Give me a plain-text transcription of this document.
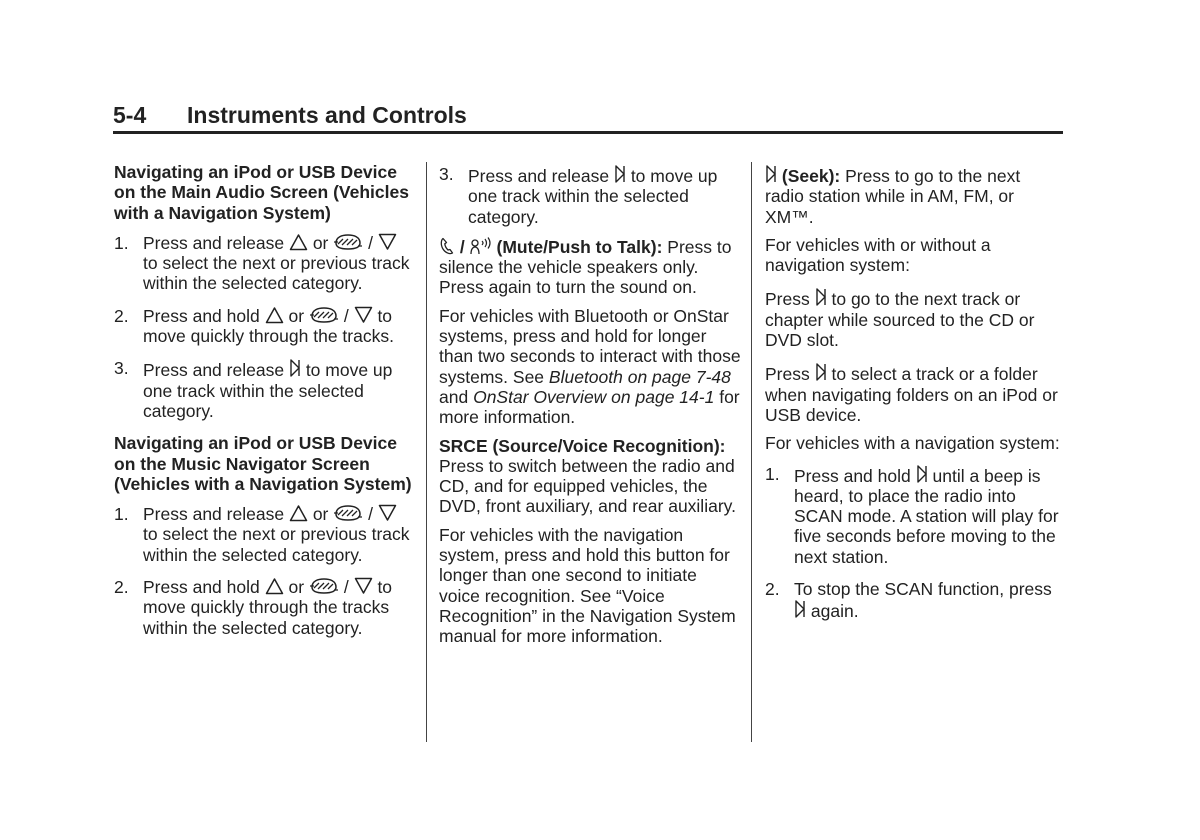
5-4 Instruments and Controls

Navigating an iPod or USB Device on the Main Audio Screen (Vehicles with a Navigation System)

1. Press and release or /
to select the next or previous track within the selected category.
2. Press and hold or / to move quickly through the tracks.
3. Press and release to move up one track within the selected category.

Navigating an iPod or USB Device on the Music Navigator Screen (Vehicles with a Navigation System)

1. Press and release or /
to select the next or previous track within the selected category.
2. Press and hold or / to move quickly through the tracks within the selected category.
3. Press and release to move up one track within the selected category.

/ (Mute/Push to Talk): Press to silence the vehicle speakers only. Press again to turn the sound on.

For vehicles with Bluetooth or OnStar systems, press and hold for longer than two seconds to interact with those systems. See Bluetooth on page 7-48 and OnStar Overview on page 14-1 for more information.

SRCE (Source/Voice Recognition): Press to switch between the radio and CD, and for equipped vehicles, the DVD, front auxiliary, and rear auxiliary.

For vehicles with the navigation system, press and hold this button for longer than one second to initiate voice recognition. See “Voice Recognition” in the Navigation System manual for more information.

(Seek): Press to go to the next radio station while in AM, FM, or XM™.

For vehicles with or without a navigation system:

Press to go to the next track or chapter while sourced to the CD or DVD slot.

Press to select a track or a folder when navigating folders on an iPod or USB device.

For vehicles with a navigation system:

1. Press and hold until a beep is heard, to place the radio into SCAN mode. A station will play for five seconds before moving to the next station.
2. To stop the SCAN function, press
again.
